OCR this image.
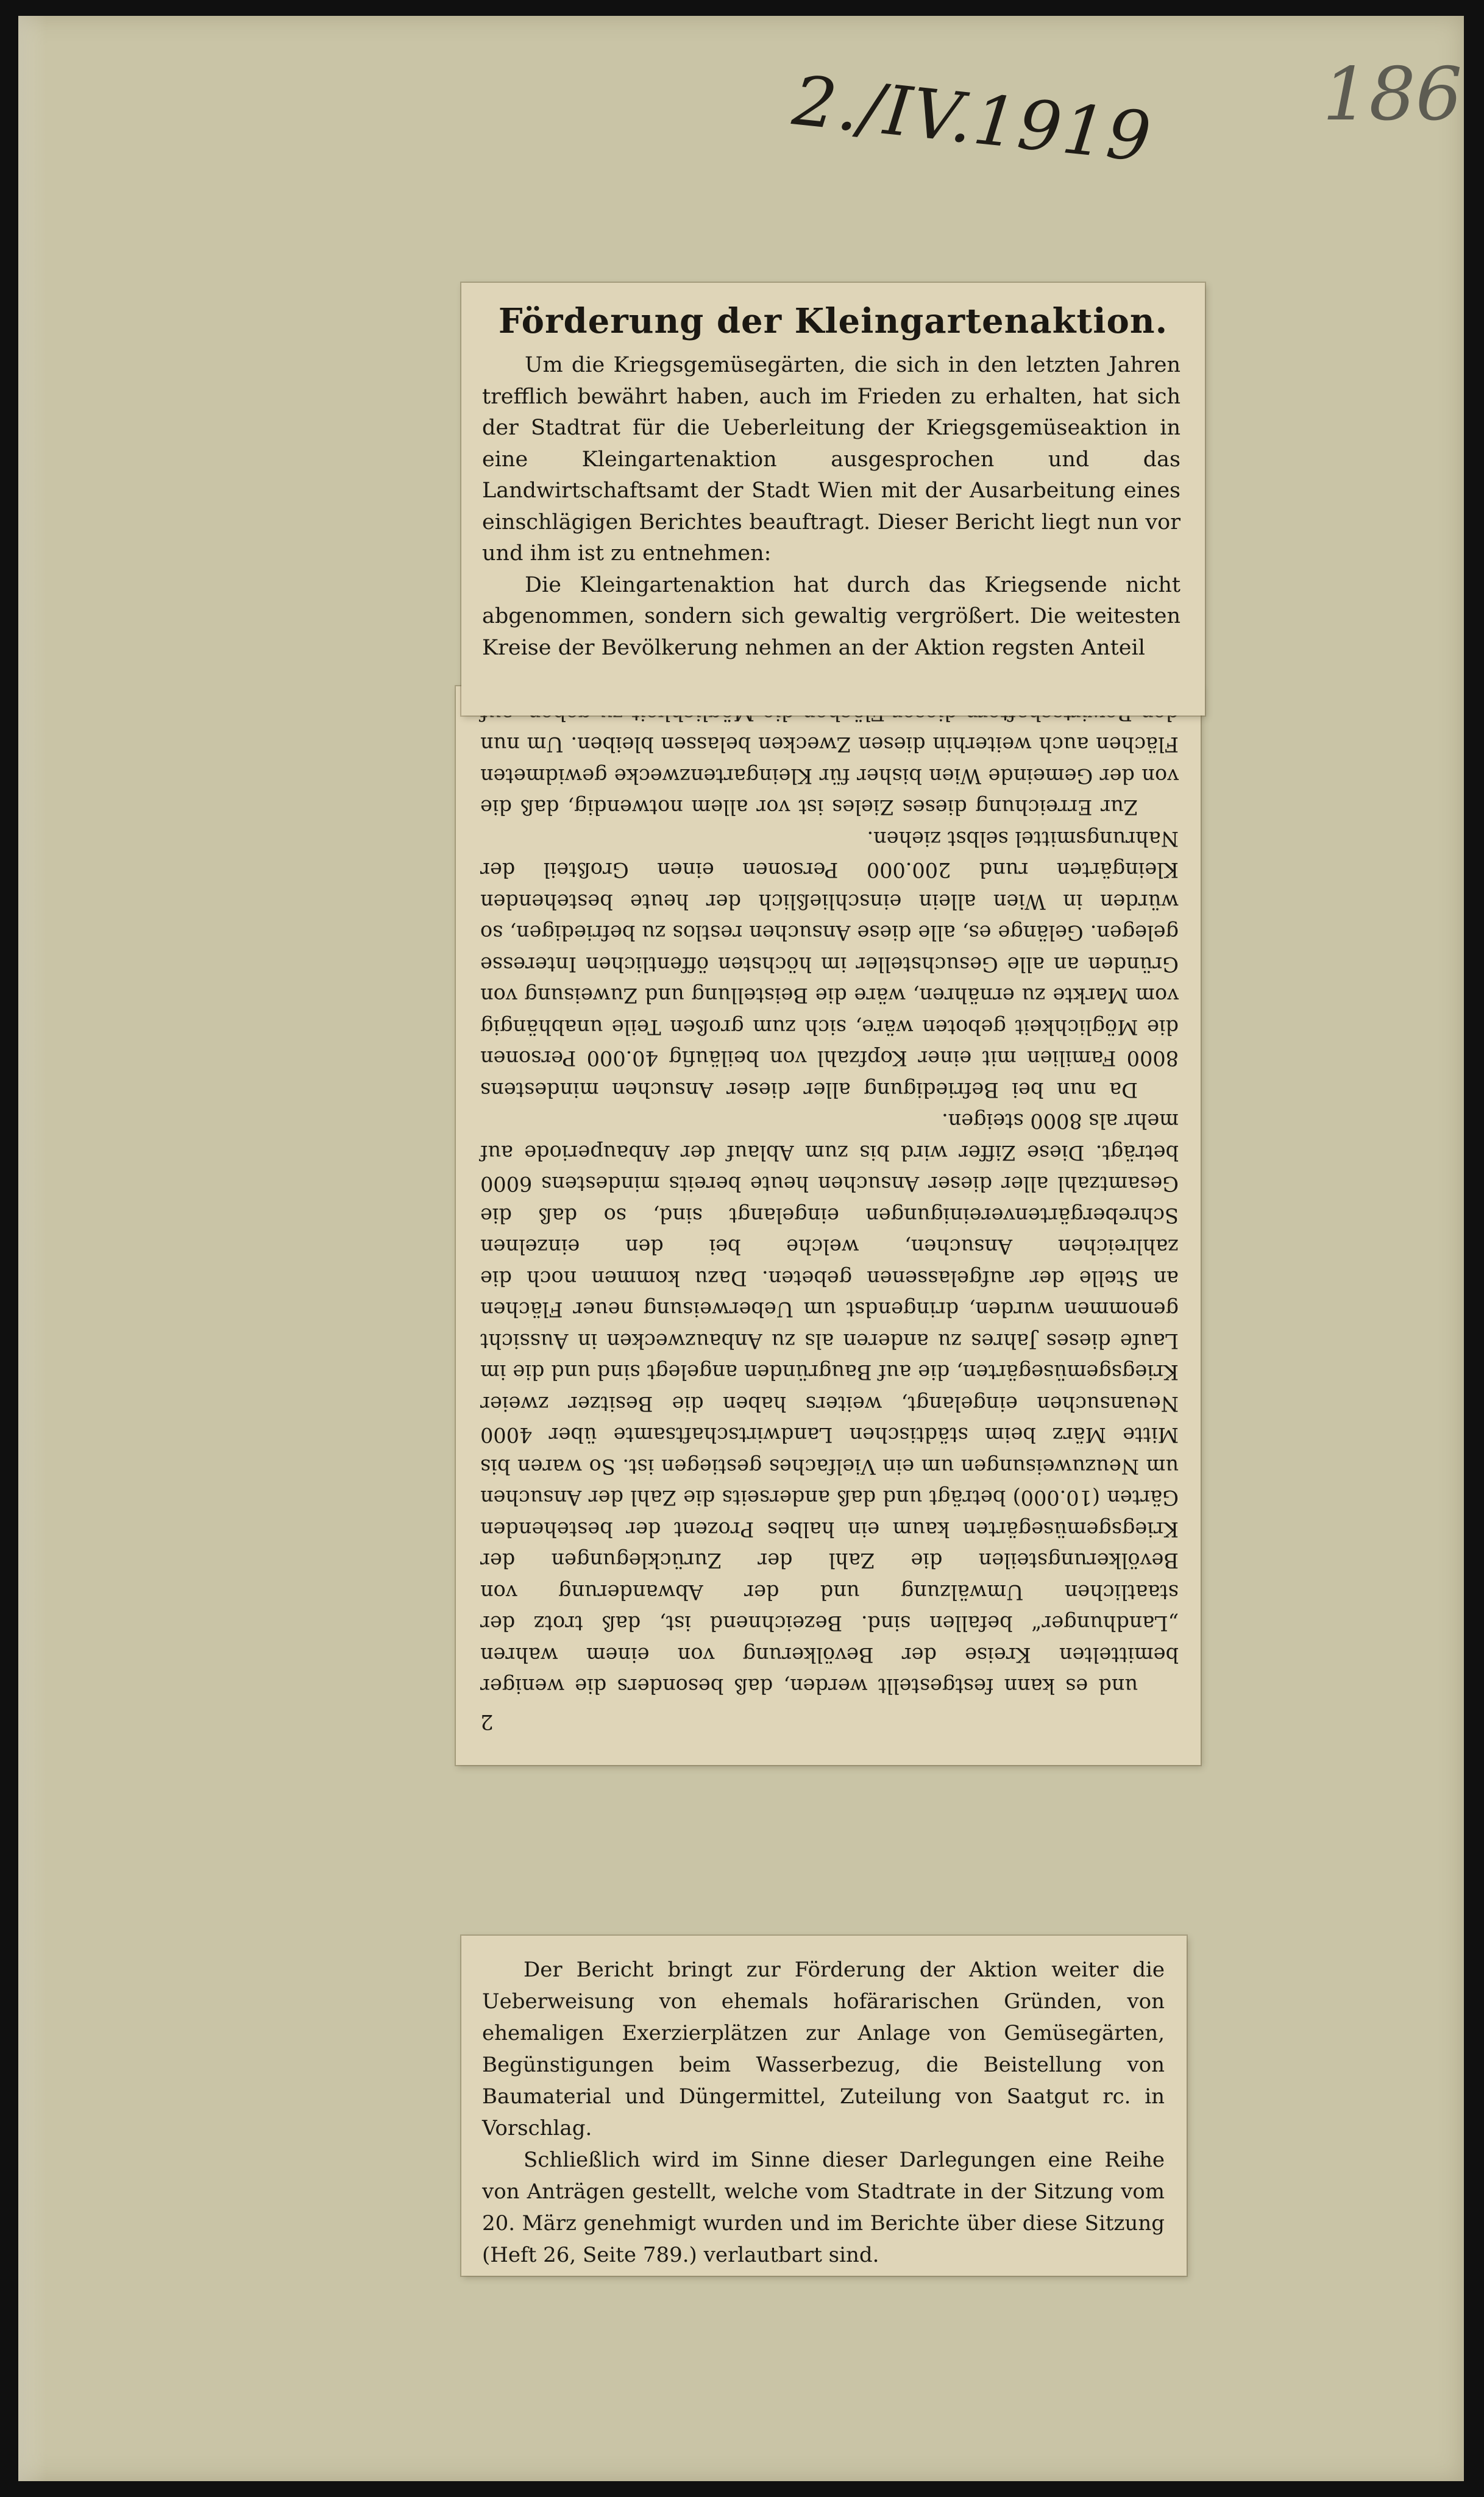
2./IV.1919 186
2

und es kann festgestellt werden, daß besonders die weniger bemittelten Kreise der Bevölkerung von einem wahren „Landhunger“ befallen sind. Bezeichnend ist, daß trotz der staatlichen Umwälzung und der Abwanderung von Bevölkerungsteilen die Zahl der Zurücklegungen der Kriegsgemüsegärten kaum ein halbes Prozent der bestehenden Gärten (10.000) beträgt und daß anderseits die Zahl der Ansuchen um Neuzuweisungen um ein Vielfaches gestiegen ist. So waren bis Mitte März beim städtischen Landwirtschaftsamte über 4000 Neuansuchen eingelangt, weiters haben die Besitzer zweier Kriegsgemüsegärten, die auf Baugründen angelegt sind und die im Laufe dieses Jahres zu anderen als zu Anbauzwecken in Aussicht genommen wurden, dringendst um Ueberweisung neuer Flächen an Stelle der aufgelassenen gebeten. Dazu kommen noch die zahlreichen Ansuchen, welche bei den einzelnen Schrebergärtenvereinigungen eingelangt sind, so daß die Gesamtzahl aller dieser Ansuchen heute bereits mindestens 6000 beträgt. Diese Ziffer wird bis zum Ablauf der Anbauperiode auf mehr als 8000 steigen.

Da nun bei Befriedigung aller dieser Ansuchen mindestens 8000 Familien mit einer Kopfzahl von beiläufig 40.000 Personen die Möglichkeit geboten wäre, sich zum großen Teile unabhängig vom Markte zu ernähren, wäre die Beistellung und Zuweisung von Gründen an alle Gesuchsteller im höchsten öffentlichen Interesse gelegen. Gelänge es, alle diese Ansuchen restlos zu befriedigen, so würden in Wien allein einschließlich der heute bestehenden Kleingärten rund 200.000 Personen einen Großteil der Nahrungsmittel selbst ziehen.

Zur Erreichung dieses Zieles ist vor allem notwendig, daß die von der Gemeinde Wien bisher für Kleingartenzwecke gewidmeten Flächen auch weiterhin diesen Zwecken belassen bleiben. Um nun

Förderung der Kleingartenaktion.

Um die Kriegsgemüsegärten, die sich in den letzten Jahren trefflich bewährt haben, auch im Frieden zu erhalten, hat sich der Stadtrat für die Ueberleitung der Kriegsgemüseaktion in eine Kleingartenaktion ausgesprochen und das Landwirtschaftsamt der Stadt Wien mit der Ausarbeitung eines einschlägigen Berichtes beauftragt. Dieser Bericht liegt nun vor und ihm ist zu entnehmen:

Die Kleingartenaktion hat durch das Kriegsende nicht abgenommen, sondern sich gewaltig vergrößert. Die weitesten Kreise der Bevölkerung nehmen an der Aktion regsten Anteil

Der Bericht bringt zur Förderung der Aktion weiter die Ueberweisung von ehemals hofärarischen Gründen, von ehemaligen Exerzierplätzen zur Anlage von Gemüsegärten, Begünstigungen beim Wasserbezug, die Beistellung von Baumaterial und Düngermittel, Zuteilung von Saatgut rc. in Vorschlag.

Schließlich wird im Sinne dieser Darlegungen eine Reihe von Anträgen gestellt, welche vom Stadtrate in der Sitzung vom 20. März genehmigt wurden und im Berichte über diese Sitzung (Heft 26, Seite 789.) verlautbart sind.
